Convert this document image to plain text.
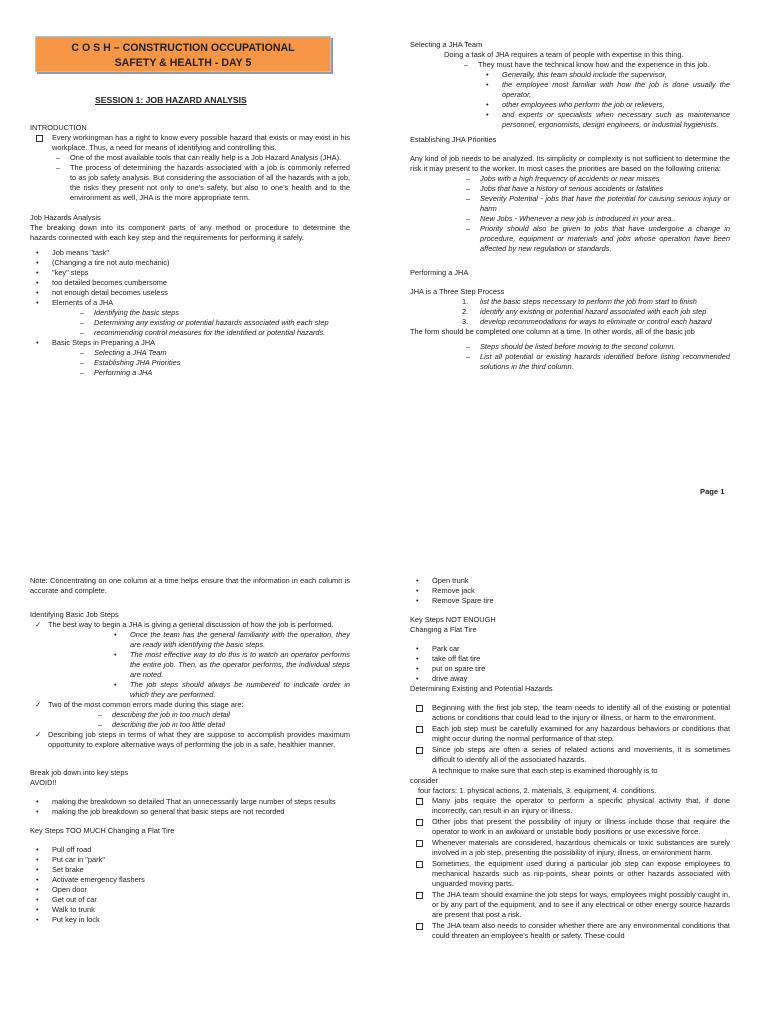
C O S H – CONSTRUCTION OCCUPATIONAL
SAFETY & HEALTH - DAY 5
SESSION 1: JOB HAZARD ANALYSIS

INTRODUCTION

Every workingman has a right to know every possible hazard that exists or may exist in his workplace. Thus, a need for means of identifying and controlling this.
– One of the most available tools that can really help is a Job Hazard Analysis (JHA).
– The process of determining the hazards associated with a job is commonly referred to as job safety analysis. But considering the association of all the hazards with a job, the risks they present not only to one's safety, but also to one's health and to the environment as well, JHA is the more appropriate term.

Job Hazards Analysis

The breaking down into its component parts of any method or procedure to determine the hazards connected with each key step and the requirements for performing it safely.

• Job means "task"
• (Changing a tire not auto mechanic)
• "key" steps
• too detailed becomes cumbersome
• not enough detail becomes useless
• Elements of a JHA
– Identifying the basic steps
– Determining any existing or potential hazards associated with each step
– recommending control measures for the identified or potential hazards.
• Basic Steps in Preparing a JHA
– Selecting a JHA Team
– Establishing JHA Priorities
– Performing a JHA

Selecting a JHA Team

Doing a task of JHA requires a team of people with expertise in this thing.

– They must have the technical know how and the experience in this job.
• Generally, this team should include the supervisor,
• the employee most familiar with how the job is done usually the operator,
• other employees who perform the job or relievers,
• and experts or specialists when necessary such as maintenance personnel, ergonomists, design engineers, or industrial hygienists.

Establishing JHA Priorities

Any kind of job needs to be analyzed. Its simplicity or complexity is not sufficient to determine the risk it may present to the worker. In most cases the priorities are based on the following criteria:

– Jobs with a high frequency of accidents or near misses
– Jobs that have a history of serious accidents or fatalities
– Severity Potential - jobs that have the potential for causing serious injury or harm
– New Jobs - Whenever a new job is introduced in your area..
– Priority should also be given to jobs that have undergone a change in procedure, equipment or materials and jobs whose operation have been affected by new regulation or standards.

Performing a JHA

JHA is a Three Step Process

1. list the basic steps necessary to perform the job from start to finish
2. identify any existing or potential hazard associated with each job step
3. develop recommendations for ways to eliminate or control each hazard

The form should be completed one column at a time. In other words, all of the basic job

– Steps should be listed before moving to the second column.
– List all potential or existing hazards identified before listing recommended solutions in the third column.
Page 1

Note: Concentrating on one column at a time helps ensure that the information in each column is accurate and complete.

Identifying Basic Job Steps

✓ The best way to begin a JHA is giving a general discussion of how the job is performed.
• Once the team has the general familiarity with the operation, they are ready with identifying the basic steps.
• The most effective way to do this is to watch an operator performs the entire job. Then, as the operator performs, the individual steps are noted.
• The job steps should always be numbered to indicate order in which they are performed.
✓ Two of the most common errors made during this stage are:
– describing the job in too much detail
– describing the job in too little detail
✓ Describing job steps in terms of what they are suppose to accomplish provides maximum opportunity to explore alternative ways of performing the job in a safe, healthier manner.

Break job down into key steps

AVOID!!

• making the breakdown so detailed That an unnecessarily large number of steps results
• making the job breakdown so general that basic steps are not recorded

Key Steps TOO MUCH Changing a Flat Tire

• Pull off road
• Put car in "park"
• Set brake
• Activate emergency flashers
• Open door
• Get out of car
• Walk to trunk
• Put key in lock
• Open trunk
• Remove jack
• Remove Spare tire

Key Steps NOT ENOUGH

Changing a Flat Tire

• Park car
• take off flat tire
• put on spare tire
• drive away

Determining Existing and Potential Hazards

Beginning with the first job step, the team needs to identify all of the existing or potential actions or conditions that could lead to the injury or illness, or harm to the environment.
Each job step must be carefully examined for any hazardous behaviors or conditions that might occur during the normal performance of that step.
Since job steps are often a series of related actions and movements, it is sometimes difficult to identify all of the associated hazards.

A technique to make sure that each step is examined thoroughly is to

consider

four factors: 1. physical actions, 2. materials, 3. equipment, 4. conditions.

Many jobs require the operator to perform a specific physical activity that, if done incorrectly, can result in an injury or illness.
Other jobs that present the possibility of injury or illness include those that require the operator to work in an awkward or unstable body positions or use excessive force.
Whenever materials are considered, hazardous chemicals or toxic substances are surely involved in a job step, presenting the possibility of injury, illness, or environment harm.
Sometimes, the equipment used during a particular job step can expose employees to mechanical hazards such as nip-points, shear points or other hazards associated with unguarded moving parts.
The JHA team should examine the job steps for ways, employees might possibly caught in, or by any part of the equipment, and to see if any electrical or other energy source hazards are present that post a risk.
The JHA team also needs to consider whether there are any environmental conditions that could threaten an employee's health or safety. These could
